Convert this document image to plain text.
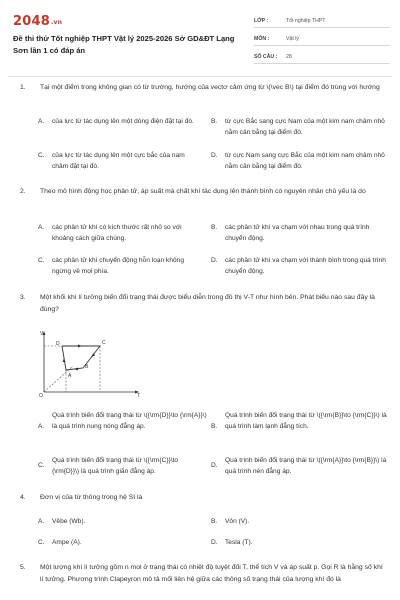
2048.vn
Đề thi thử Tốt nghiệp THPT Vật lý 2025-2026 Sở GD&ĐT Lạng Sơn lần 1 có đáp án
LỚP :	Tốt nghiệp THPT
MÔN :	Vật lý
SỐ CÂU :	28
1. Tại một điểm trong không gian có từ trường, hướng của vectơ cảm ứng từ \(\vec B\) tại điểm đó trùng với hướng
A.	của lực từ tác dụng lên một dòng điện đặt tại đó.	B.	từ cực Bắc sang cực Nam của một kim nam châm nhỏ nằm cân bằng tại điểm đó.
C.	của lực từ tác dụng lên một cực bắc của nam châm đặt tại đó.
D.	từ cực Nam sang cực Bắc của một kim nam châm nhỏ nằm cân bằng tại điểm đó.
2. Theo mô hình động học phân tử, áp suất mà chất khí tác dụng lên thành bình có nguyên nhân chủ yếu là do
A.	các phân tử khí có kích thước rất nhỏ so với khoảng cách giữa chúng.
B.	các phân tử khí va chạm với nhau trong quá trình chuyển động.
C.	các phân tử khí chuyển động hỗn loạn không ngừng về mọi phía.
D.	các phân tử khí va chạm với thành bình trong quá trình chuyển động.
3. Một khối khí lí tưởng biến đổi trạng thái được biểu diễn trong đồ thị V-T như hình bên. Phát biểu nào sau đây là đúng?
V
T
O
D	C
B
A
A.
Quá trình biến đổi trạng thái từ \({\rm{D}}\to {\rm{A}}\) là quá trình nung nóng đẳng áp.	B.
Quá trình biến đổi trạng thái từ \({\rm{B}}\to {\rm{C}}\) là quá trình làm lạnh đẳng tích.
C.
Quá trình biến đổi trạng thái từ \({\rm{C}}\to {\rm{D}}\) là quá trình giãn đẳng áp.
D.
Quá trình biến đổi trạng thái từ \({\rm{A}}\to {\rm{B}}\) là quá trình nén đẳng áp.
4. Đơn vị của từ thông trong hệ SI là
A.	Vêbe (Wb).	B.	Vôn (V).
C.	Ampe (A).	D.	Tesla (T).
5. Một lượng khí lí tưởng gồm n mol ở trạng thái có nhiệt độ tuyệt đối T, thể tích V và áp suất p. Gọi R là hằng số khí lí tưởng. Phương trình Clapeyron mô tả mối liên hệ giữa các thông số trạng thái của lượng khí đó là
